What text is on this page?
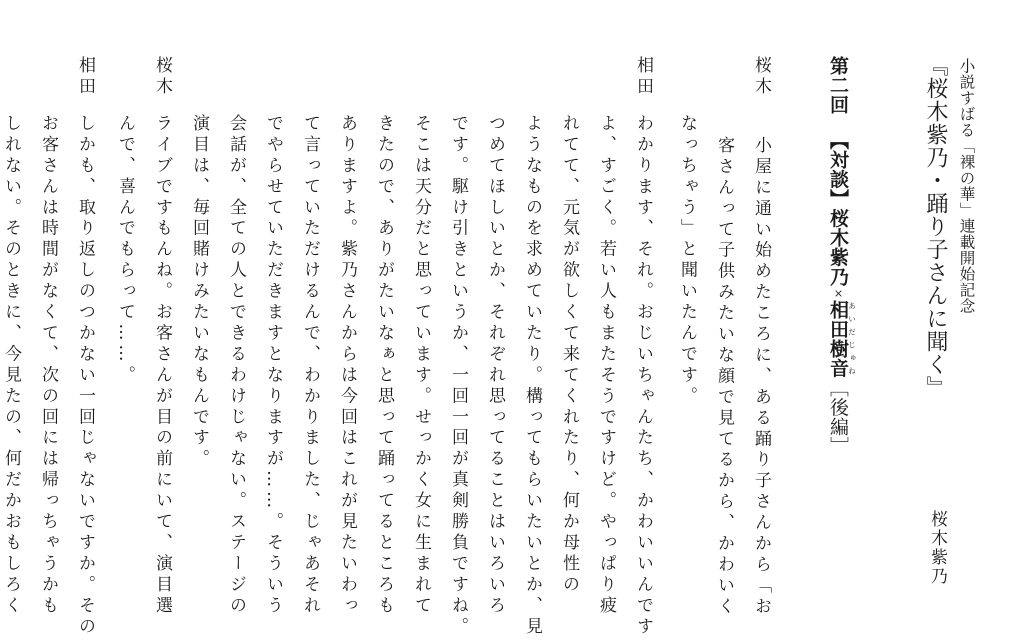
小説すばる「裸の華」連載開始記念
『桜木紫乃・踊り子さんに聞く』
桜木紫乃
第二回【対談】桜木紫乃×相田樹音あいだじゅね［後編］
桜木
小屋に通い始めたころに、ある踊り子さんから「お
客さんって子供みたいな顔で見てるから、かわいく
なっちゃう」と聞いたんです。
相田
わかります、それ。おじいちゃんたち、かわいいんです
よ、すごく。若い人もまたそうですけど。やっぱり疲
れてて、元気が欲しくて来てくれたり、何か母性の
ようなものを求めていたり。構ってもらいたいとか、見
つめてほしいとか、それぞれ思ってることはいろいろ
です。駆け引きというか、一回一回が真剣勝負ですね。
そこは天分だと思っています。せっかく女に生まれて
きたので、ありがたいなぁと思って踊ってるところも
ありますよ。紫乃さんからは今回はこれが見たいわっ
て言っていただけるんで、わかりました、じゃあそれ
でやらせていただきますとなりますが……。そういう
会話が、全ての人とできるわけじゃない。ステージの
演目は、毎回賭けみたいなもんです。
桜木
ライブですもんね。お客さんが目の前にいて、演目選
んで、喜んでもらって……。
相田
しかも、取り返しのつかない一回じゃないですか。その
お客さんは時間がなくて、次の回には帰っちゃうかも
しれない。そのときに、今見たの、何だかおもしろく
